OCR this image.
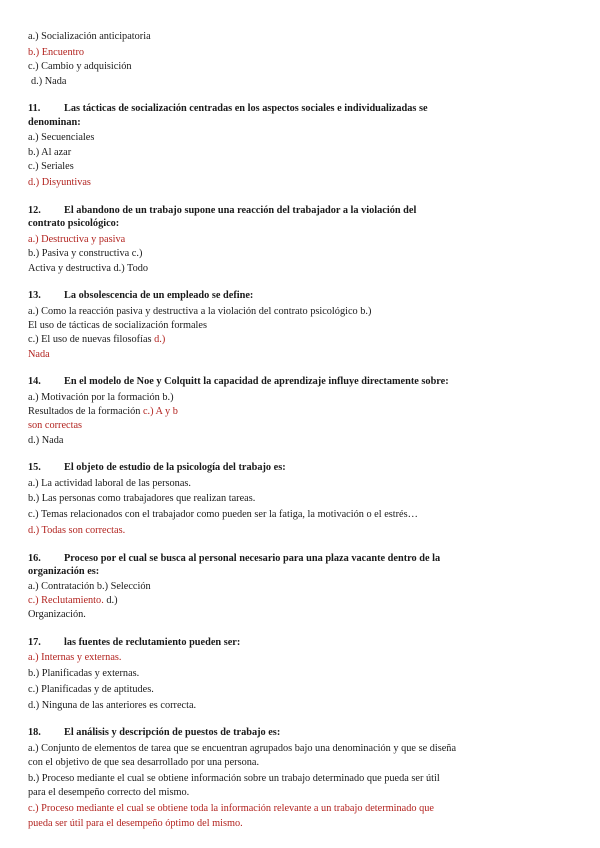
a.) Socialización anticipatoria
b.) Encuentro
c.) Cambio y adquisición
d.) Nada
11. Las tácticas de socialización centradas en los aspectos sociales e individualizadas se
denominan:
a.) Secuenciales
b.) Al azar
c.) Seriales
d.) Disyuntivas
12. El abandono de un trabajo supone una reacción del trabajador a la violación del
contrato psicológico:
a.) Destructiva y pasiva
b.) Pasiva y constructiva c.)
Activa y destructiva d.) Todo
13. La obsolescencia de un empleado se define:
a.) Como la reacción pasiva y destructiva a la violación del contrato psicológico b.)
El uso de tácticas de socialización formales
c.) El uso de nuevas filosofías d.)
Nada
14. En el modelo de Noe y Colquitt la capacidad de aprendizaje influye directamente sobre:
a.) Motivación por la formación b.)
Resultados de la formación c.) A y b
son correctas
d.) Nada
15. El objeto de estudio de la psicología del trabajo es:
a.) La actividad laboral de las personas.
b.) Las personas como trabajadores que realizan tareas.
c.) Temas relacionados con el trabajador como pueden ser la fatiga, la motivación o el estrés…
d.) Todas son correctas.
16. Proceso por el cual se busca al personal necesario para una plaza vacante dentro de la
organización es:
a.) Contratación b.) Selección
c.) Reclutamiento. d.)
Organización.
17. las fuentes de reclutamiento pueden ser:
a.) Internas y externas.
b.) Planificadas y externas.
c.) Planificadas y de aptitudes.
d.) Ninguna de las anteriores es correcta.
18. El análisis y descripción de puestos de trabajo es:
a.) Conjunto de elementos de tarea que se encuentran agrupados bajo una denominación y que se diseña
con el objetivo de que sea desarrollado por una persona.
b.) Proceso mediante el cual se obtiene información sobre un trabajo determinado que pueda ser útil
para el desempeño correcto del mismo.
c.) Proceso mediante el cual se obtiene toda la información relevante a un trabajo determinado que
pueda ser útil para el desempeño óptimo del mismo.
